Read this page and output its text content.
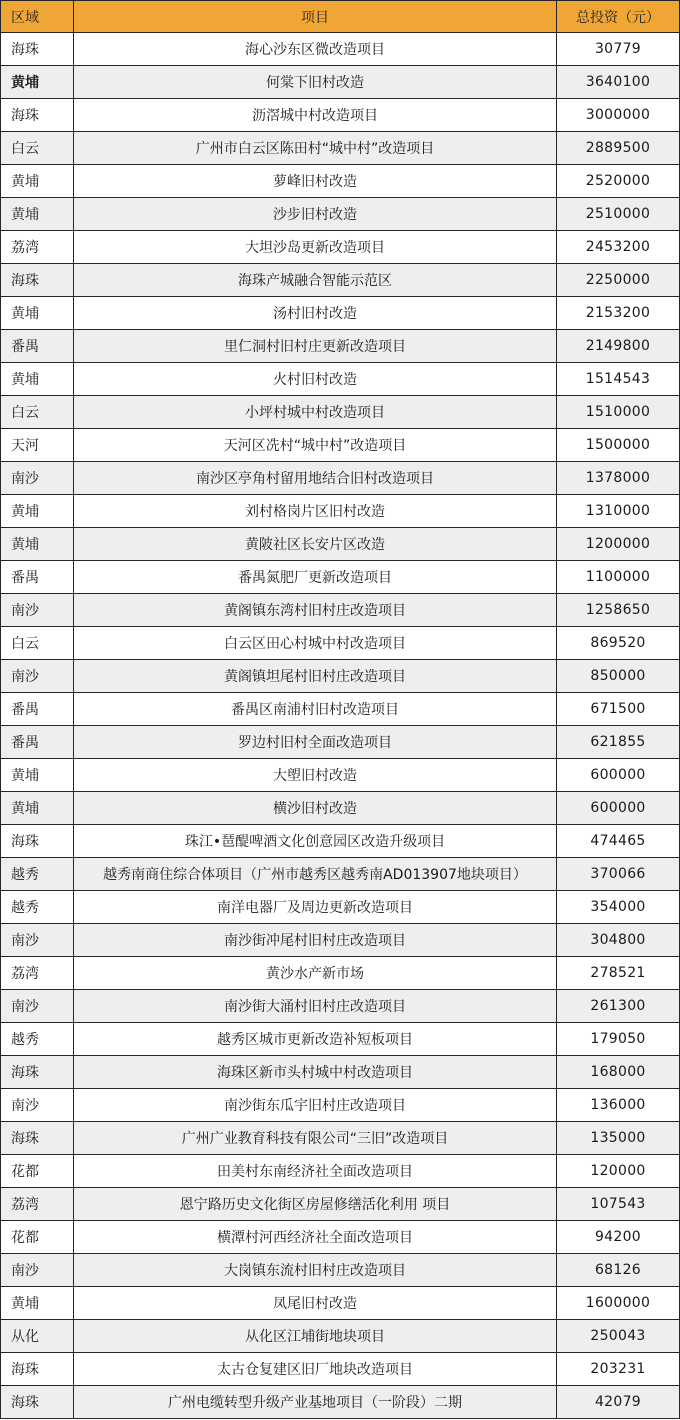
区域	项目	总投资（元）
海珠	海心沙东区微改造项目	30779
黄埔	何棠下旧村改造	3640100
海珠	沥滘城中村改造项目	3000000
白云	广州市白云区陈田村“城中村”改造项目	2889500
黄埔	萝峰旧村改造	2520000
黄埔	沙步旧村改造	2510000
荔湾	大坦沙岛更新改造项目	2453200
海珠	海珠产城融合智能示范区	2250000
黄埔	汤村旧村改造	2153200
番禺	里仁洞村旧村庄更新改造项目	2149800
黄埔	火村旧村改造	1514543
白云	小坪村城中村改造项目	1510000
天河	天河区冼村“城中村”改造项目	1500000
南沙	南沙区亭角村留用地结合旧村改造项目	1378000
黄埔	刘村格岗片区旧村改造	1310000
黄埔	黄陂社区长安片区改造	1200000
番禺	番禺氮肥厂更新改造项目	1100000
南沙	黄阁镇东湾村旧村庄改造项目	1258650
白云	白云区田心村城中村改造项目	869520
南沙	黄阁镇坦尾村旧村庄改造项目	850000
番禺	番禺区南浦村旧村改造项目	671500
番禺	罗边村旧村全面改造项目	621855
黄埔	大塱旧村改造	600000
黄埔	横沙旧村改造	600000
海珠	珠江•琶醍啤酒文化创意园区改造升级项目	474465
越秀	越秀南商住综合体项目（广州市越秀区越秀南AD013907地块项目）	370066
越秀	南洋电器厂及周边更新改造项目	354000
南沙	南沙街冲尾村旧村庄改造项目	304800
荔湾	黄沙水产新市场	278521
南沙	南沙街大涌村旧村庄改造项目	261300
越秀	越秀区城市更新改造补短板项目	179050
海珠	海珠区新市头村城中村改造项目	168000
南沙	南沙街东瓜宇旧村庄改造项目	136000
海珠	广州广业教育科技有限公司“三旧”改造项目	135000
花都	田美村东南经济社全面改造项目	120000
荔湾	恩宁路历史文化街区房屋修缮活化利用 项目	107543
花都	横潭村河西经济社全面改造项目	94200
南沙	大岗镇东流村旧村庄改造项目	68126
黄埔	凤尾旧村改造	1600000
从化	从化区江埔街地块项目	250043
海珠	太古仓复建区旧厂地块改造项目	203231
海珠	广州电缆转型升级产业基地项目（一阶段）二期	42079
